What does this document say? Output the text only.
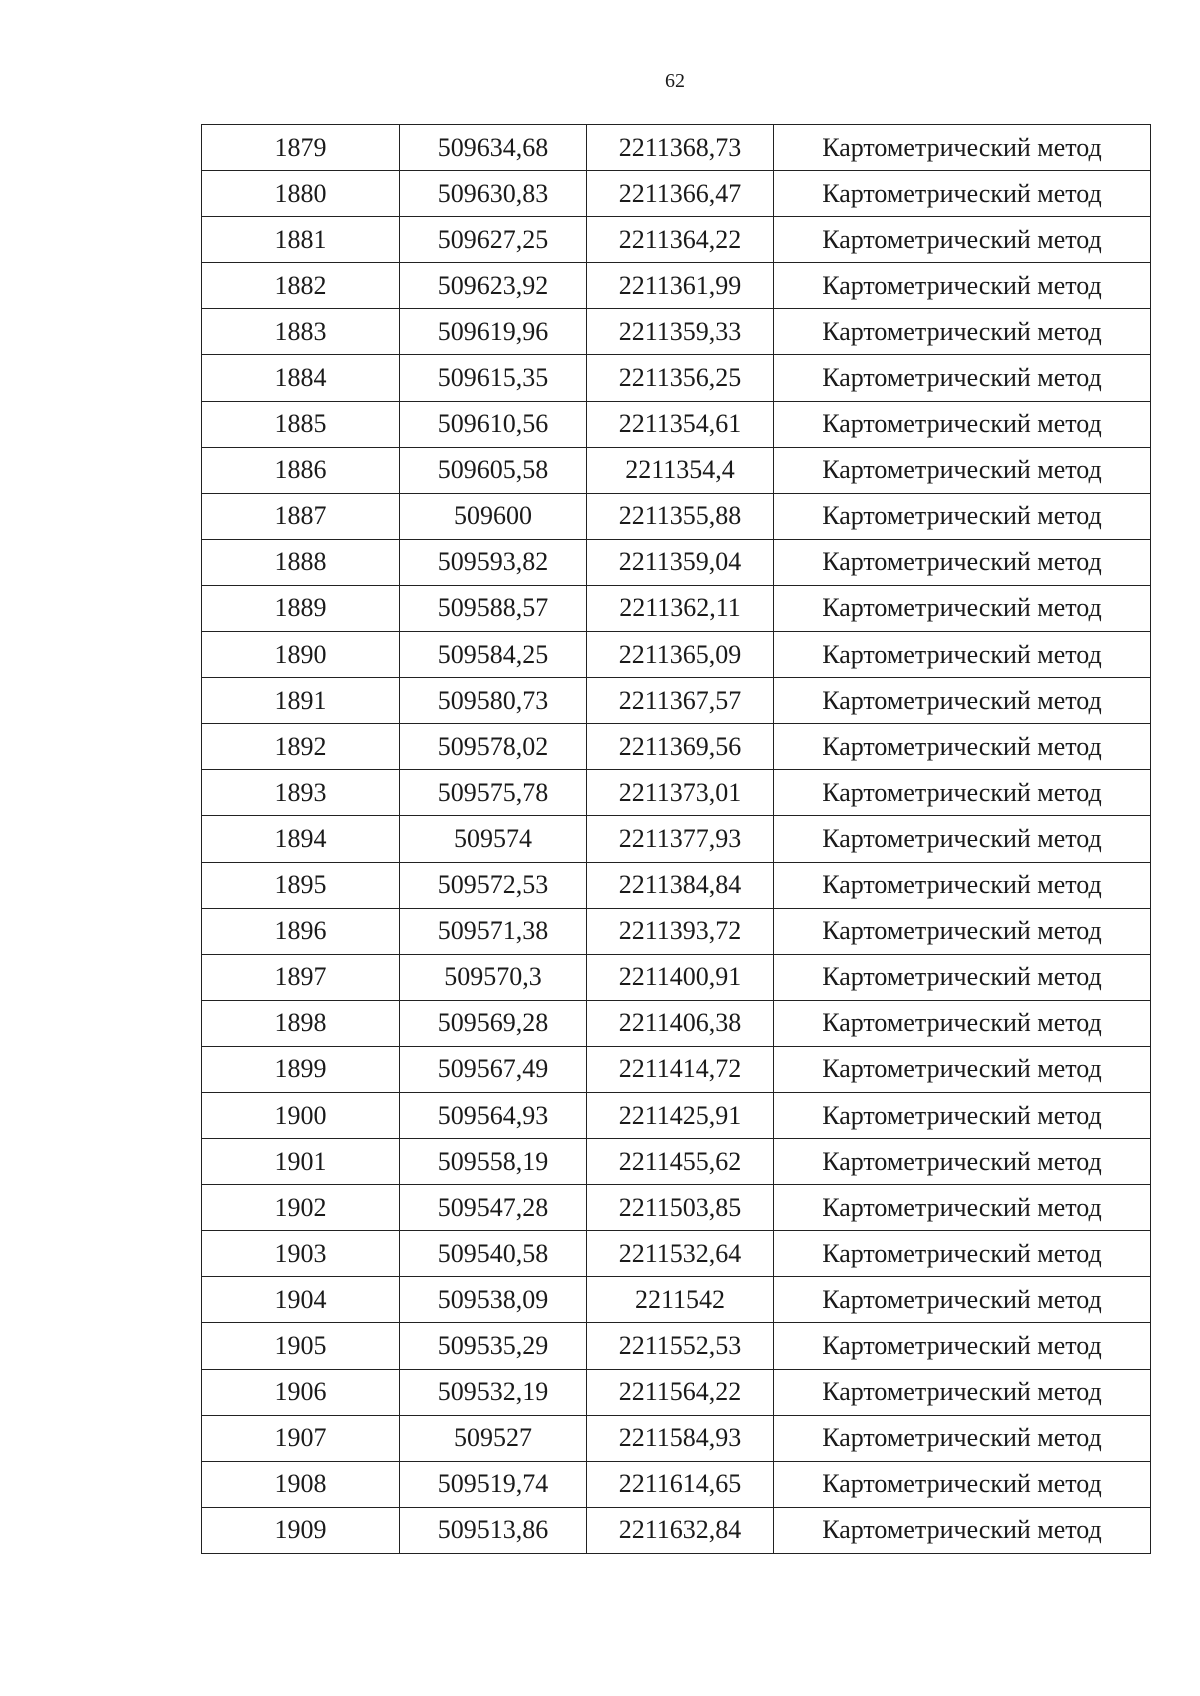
62
1879	509634,68	2211368,73	Картометрический метод
1880	509630,83	2211366,47	Картометрический метод
1881	509627,25	2211364,22	Картометрический метод
1882	509623,92	2211361,99	Картометрический метод
1883	509619,96	2211359,33	Картометрический метод
1884	509615,35	2211356,25	Картометрический метод
1885	509610,56	2211354,61	Картометрический метод
1886	509605,58	2211354,4	Картометрический метод
1887	509600	2211355,88	Картометрический метод
1888	509593,82	2211359,04	Картометрический метод
1889	509588,57	2211362,11	Картометрический метод
1890	509584,25	2211365,09	Картометрический метод
1891	509580,73	2211367,57	Картометрический метод
1892	509578,02	2211369,56	Картометрический метод
1893	509575,78	2211373,01	Картометрический метод
1894	509574	2211377,93	Картометрический метод
1895	509572,53	2211384,84	Картометрический метод
1896	509571,38	2211393,72	Картометрический метод
1897	509570,3	2211400,91	Картометрический метод
1898	509569,28	2211406,38	Картометрический метод
1899	509567,49	2211414,72	Картометрический метод
1900	509564,93	2211425,91	Картометрический метод
1901	509558,19	2211455,62	Картометрический метод
1902	509547,28	2211503,85	Картометрический метод
1903	509540,58	2211532,64	Картометрический метод
1904	509538,09	2211542	Картометрический метод
1905	509535,29	2211552,53	Картометрический метод
1906	509532,19	2211564,22	Картометрический метод
1907	509527	2211584,93	Картометрический метод
1908	509519,74	2211614,65	Картометрический метод
1909	509513,86	2211632,84	Картометрический метод
